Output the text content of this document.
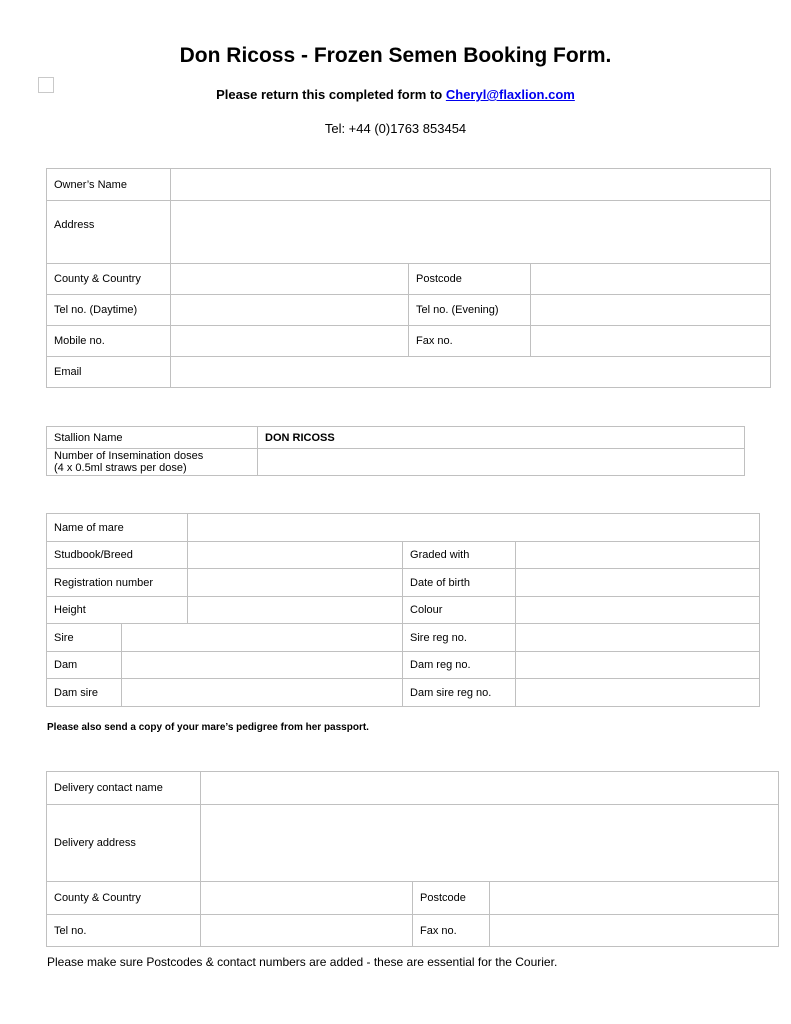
Don Ricoss - Frozen Semen Booking Form.
Please return this completed form to Cheryl@flaxlion.com
Tel: +44 (0)1763 853454
Owner’s Name			
Address			
County & Country		Postcode	
Tel no. (Daytime)		Tel no. (Evening)	
Mobile no.		Fax no.	
Email			
Stallion Name	DON RICOSS
Number of Insemination doses
(4 x 0.5ml straws per dose)	
Name of mare				
Studbook/Breed			Graded with	
Registration number			Date of birth	
Height			Colour	
Sire			Sire reg no.	
Dam			Dam reg no.	
Dam sire			Dam sire reg no.	
Please also send a copy of your mare’s pedigree from her passport.
Delivery contact name			
Delivery address			
County & Country		Postcode	
Tel no.		Fax no.	
Please make sure Postcodes & contact numbers are added - these are essential for the Courier.
